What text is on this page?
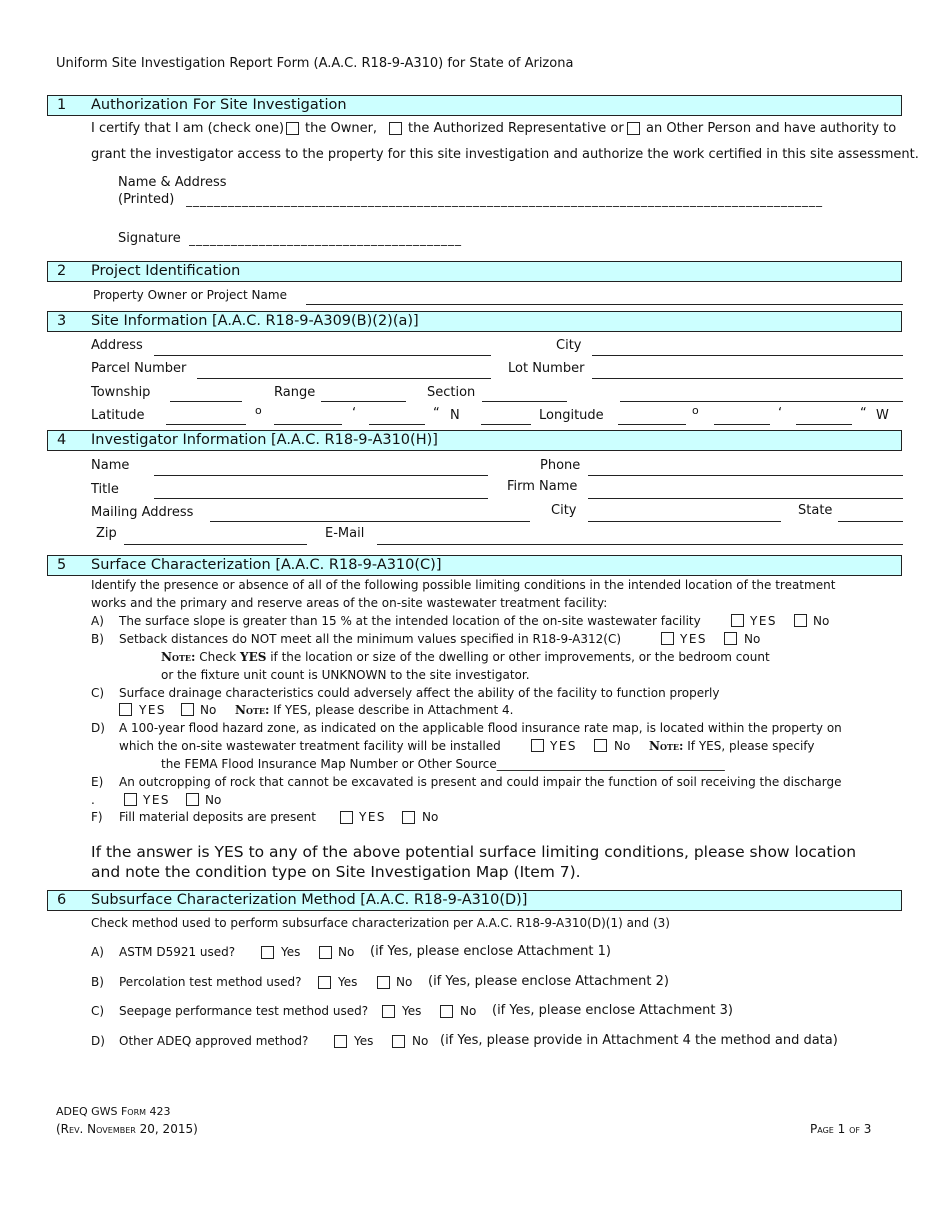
Uniform Site Investigation Report Form (A.A.C. R18-9-A310) for State of Arizona
1 Authorization For Site Investigation
I certify that I am (check one) the Owner, the Authorized Representative or an Other Person and have authority to
grant the investigator access to the property for this site investigation and authorize the work certified in this site assessment.
Name & Address
(Printed) ___________________________________________________________________________________________
Signature _______________________________________
2 Project Identification
Property Owner or Project Name
3 Site Information [A.A.C. R18-9-A309(B)(2)(a)]
Address	City
Parcel Number	Lot Number
Township	Range	Section
Latitude	o	‘	“ N	Longitude	o	‘	“ W
4 Investigator Information [A.A.C. R18-9-A310(H)]
Name	Phone
Title	Firm Name
Mailing Address	City	State
Zip	E-Mail
5 Surface Characterization [A.A.C. R18-9-A310(C)]
Identify the presence or absence of all of the following possible limiting conditions in the intended location of the treatment
works and the primary and reserve areas of the on-site wastewater treatment facility:
A) The surface slope is greater than 15 % at the intended location of the on-site wastewater facility	YES	No
B) Setback distances do NOT meet all the minimum values specified in R18-9-A312(C)	YES	No
Note: Check YES if the location or size of the dwelling or other improvements, or the bedroom count
or the fixture unit count is UNKNOWN to the site investigator.
C) Surface drainage characteristics could adversely affect the ability of the facility to function properly
YES	No Note: If YES, please describe in Attachment 4.
D) A 100-year flood hazard zone, as indicated on the applicable flood insurance rate map, is located within the property on
which the on-site wastewater treatment facility will be installed	YES	No Note: If YES, please specify
the FEMA Flood Insurance Map Number or Other Source______________________________________
E) An outcropping of rock that cannot be excavated is present and could impair the function of soil receiving the discharge
.	YES	No
F) Fill material deposits are present	YES	No
If the answer is YES to any of the above potential surface limiting conditions, please show location
and note the condition type on Site Investigation Map (Item 7).
6 Subsurface Characterization Method [A.A.C. R18-9-A310(D)]
Check method used to perform subsurface characterization per A.A.C. R18-9-A310(D)(1) and (3)
A) ASTM D5921 used?	Yes	No (if Yes, please enclose Attachment 1)
B) Percolation test method used?	Yes	No (if Yes, please enclose Attachment 2)
C) Seepage performance test method used?	Yes	No (if Yes, please enclose Attachment 3)
D) Other ADEQ approved method?	Yes	No (if Yes, please provide in Attachment 4 the method and data)
ADEQ GWS Form 423
(Rev. November 20, 2015)	Page 1 of 3
